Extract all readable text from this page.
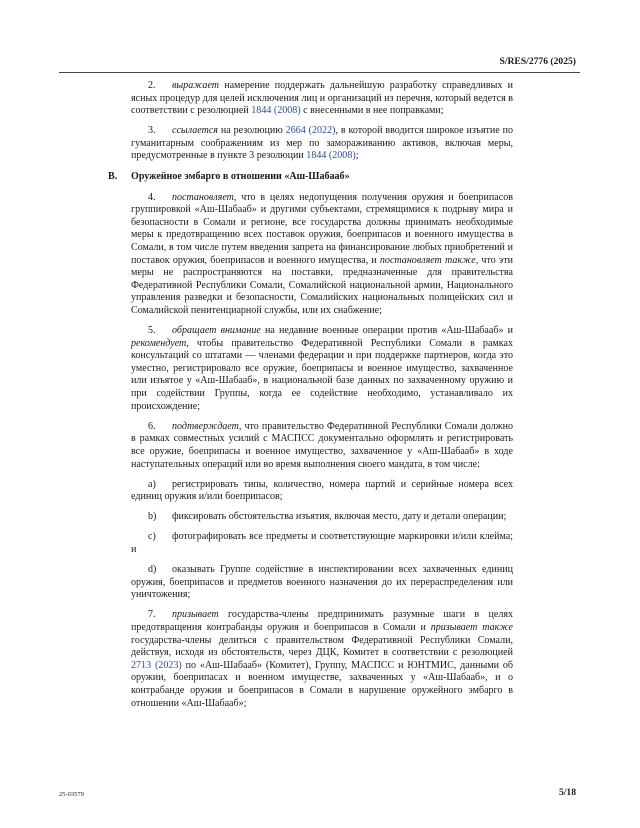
S/RES/2776 (2025)

2. выражает намерение поддержать дальнейшую разработку справедливых и ясных процедур для целей исключения лиц и организаций из перечня, который ведется в соответствии с резолюцией 1844 (2008) с внесенными в нее поправками;

3. ссылается на резолюцию 2664 (2022), в которой вводится широкое изъятие по гуманитарным соображениям из мер по замораживанию активов, включая меры, предусмотренные в пункте 3 резолюции 1844 (2008);

B. Оружейное эмбарго в отношении «Аш-Шабааб»

4. постановляет, что в целях недопущения получения оружия и боеприпасов группировкой «Аш-Шабааб» и другими субъектами, стремящимися к подрыву мира и безопасности в Сомали и регионе, все государства должны принимать необходимые меры к предотвращению всех поставок оружия, боеприпасов и военного имущества в Сомали, в том числе путем введения запрета на финансирование любых приобретений и поставок оружия, боеприпасов и военного имущества, и постановляет также, что эти меры не распространяются на поставки, предназначенные для правительства Федеративной Республики Сомали, Сомалийской национальной армии, Национального управления разведки и безопасности, Сомалийских национальных полицейских сил и Сомалийской пенитенциарной службы, или их снабжение;

5. обращает внимание на недавние военные операции против «Аш-Шабааб» и рекомендует, чтобы правительство Федеративной Республики Сомали в рамках консультаций со штатами — членами федерации и при поддержке партнеров, когда это уместно, регистрировало все оружие, боеприпасы и военное имущество, захваченное или изъятое у «Аш-Шабааб», в национальной базе данных по захваченному оружию и при содействии Группы, когда ее содействие необходимо, устанавливало их происхождение;

6. подтверждает, что правительство Федеративной Республики Сомали должно в рамках совместных усилий с МАСПСС документально оформлять и регистрировать все оружие, боеприпасы и военное имущество, захваченное у «Аш-Шабааб» в ходе наступательных операций или во время выполнения своего мандата, в том числе:

a) регистрировать типы, количество, номера партий и серийные номера всех единиц оружия и/или боеприпасов;

b) фиксировать обстоятельства изъятия, включая место, дату и детали операции;

c) фотографировать все предметы и соответствующие маркировки и/или клейма; и

d) оказывать Группе содействие в инспектировании всех захваченных единиц оружия, боеприпасов и предметов военного назначения до их перераспределения или уничтожения;

7. призывает государства-члены предпринимать разумные шаги в целях предотвращения контрабанды оружия и боеприпасов в Сомали и призывает также государства-члены делиться с правительством Федеративной Республики Сомали, действуя, исходя из обстоятельств, через ДЦК, Комитет в соответствии с резолюцией 2713 (2023) по «Аш-Шабааб» (Комитет), Группу, МАСПСС и ЮНТМИС, данными об оружии, боеприпасах и военном имуществе, захваченных у «Аш-Шабааб», и о контрабанде оружия и боеприпасов в Сомали в нарушение оружейного эмбарго в отношении «Аш-Шабааб»;

25-03579	5/18
